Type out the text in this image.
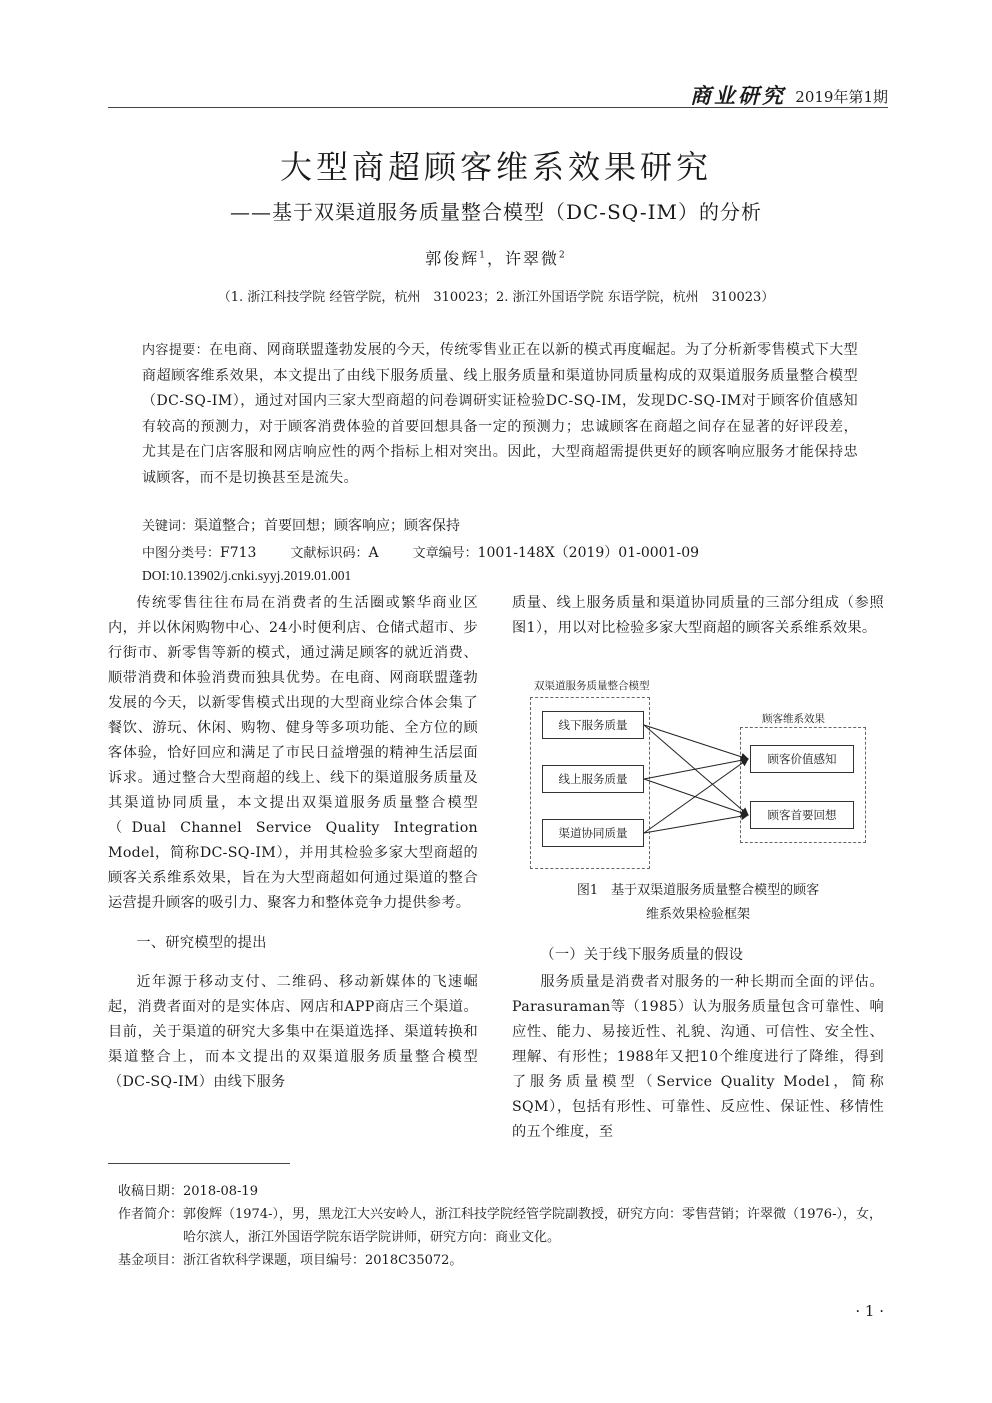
商业研究 2019年第1期
大型商超顾客维系效果研究
——基于双渠道服务质量整合模型（DC-SQ-IM）的分析
郭俊辉$^1$，许翠微$^2$
（1. 浙江科技学院 经管学院，杭州　310023；2. 浙江外国语学院 东语学院，杭州　310023）
内容提要：在电商、网商联盟蓬勃发展的今天，传统零售业正在以新的模式再度崛起。为了分析新零售模式下大型商超顾客维系效果，本文提出了由线下服务质量、线上服务质量和渠道协同质量构成的双渠道服务质量整合模型（DC-SQ-IM），通过对国内三家大型商超的问卷调研实证检验DC-SQ-IM，发现DC-SQ-IM对于顾客价值感知有较高的预测力，对于顾客消费体验的首要回想具备一定的预测力；忠诚顾客在商超之间存在显著的好评段差，尤其是在门店客服和网店响应性的两个指标上相对突出。因此，大型商超需提供更好的顾客响应服务才能保持忠诚顾客，而不是切换甚至是流失。
关键词：渠道整合；首要回想；顾客响应；顾客保持
中图分类号：F713	文献标识码：A	文章编号：1001-148X（2019）01-0001-09
DOI:10.13902/j.cnki.syyj.2019.01.001

传统零售往往布局在消费者的生活圈或繁华商业区内，并以休闲购物中心、24小时便利店、仓储式超市、步行街市、新零售等新的模式，通过满足顾客的就近消费、顺带消费和体验消费而独具优势。在电商、网商联盟蓬勃发展的今天，以新零售模式出现的大型商业综合体会集了餐饮、游玩、休闲、购物、健身等多项功能、全方位的顾客体验，恰好回应和满足了市民日益增强的精神生活层面诉求。通过整合大型商超的线上、线下的渠道服务质量及其渠道协同质量，本文提出双渠道服务质量整合模型（Dual Channel Service Quality Integration Model，简称DC-SQ-IM），并用其检验多家大型商超的顾客关系维系效果，旨在为大型商超如何通过渠道的整合运营提升顾客的吸引力、聚客力和整体竞争力提供参考。

一、研究模型的提出

近年源于移动支付、二维码、移动新媒体的飞速崛起，消费者面对的是实体店、网店和APP商店三个渠道。目前，关于渠道的研究大多集中在渠道选择、渠道转换和渠道整合上，而本文提出的双渠道服务质量整合模型（DC-SQ-IM）由线下服务

质量、线上服务质量和渠道协同质量的三部分组成（参照图1），用以对比检验多家大型商超的顾客关系维系效果。

双渠道服务质量整合模型
顾客维系效果
线下服务质量
线上服务质量
渠道协同质量
顾客价值感知
顾客首要回想
图1　基于双渠道服务质量整合模型的顾客
维系效果检验框架

（一）关于线下服务质量的假设

服务质量是消费者对服务的一种长期而全面的评估。Parasuraman等（1985）认为服务质量包含可靠性、响应性、能力、易接近性、礼貌、沟通、可信性、安全性、理解、有形性；1988年又把10个维度进行了降维，得到了服务质量模型（Service Quality Model，简称SQM），包括有形性、可靠性、反应性、保证性、移情性的五个维度，至

收稿日期： 2018-08-19
作者简介： 郭俊辉（1974-），男，黑龙江大兴安岭人，浙江科技学院经管学院副教授，研究方向：零售营销；许翠微（1976-），女，哈尔滨人，浙江外国语学院东语学院讲师，研究方向：商业文化。
基金项目： 浙江省软科学课题，项目编号：2018C35072。
· 1 ·
